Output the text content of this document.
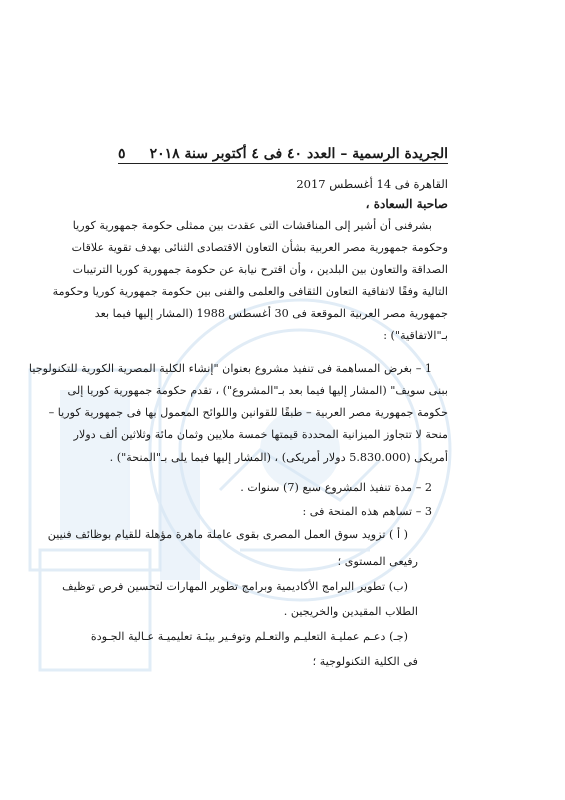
الجريدة الرسمية – العدد ٤٠ فى ٤ أكتوبر سنة ٢٠١٨
٥
القاهرة فى 14 أغسطس 2017
صاحبة السعادة ،
بشرفنى أن أشير إلى المناقشات التى عقدت بين ممثلى حكومة جمهورية كوريا
وحكومة جمهورية مصر العربية بشأن التعاون الاقتصادى الثنائى بهدف تقوية علاقات
الصداقة والتعاون بين البلدين ، وأن اقترح نيابة عن حكومة جمهورية كوريا الترتيبات
التالية وفقًا لاتفاقية التعاون الثقافى والعلمى والفنى بين حكومة جمهورية كوريا وحكومة
جمهورية مصر العربية الموقعة فى 30 أغسطس 1988 (المشار إليها فيما بعد
بـ"الاتفاقية") :
1 – بغرض المساهمة فى تنفيذ مشروع بعنوان "إنشاء الكلية المصرية الكورية للتكنولوجيا
ببنى سويف" (المشار إليها فيما بعد بـ"المشروع") ، تقدم حكومة جمهورية كوريا إلى
حكومة جمهورية مصر العربية – طبقًا للقوانين واللوائح المعمول بها فى جمهورية كوريا –
منحة لا تتجاوز الميزانية المحددة قيمتها خمسة ملايين وثمان مائة وثلاثين ألف دولار
أمريكى (5.830.000 دولار أمريكى) ، (المشار إليها فيما يلى بـ"المنحة") .
2 – مدة تنفيذ المشروع سبع (7) سنوات .
3 – تساهم هذه المنحة فى :
( أ ) تزويد سوق العمل المصرى بقوى عاملة ماهرة مؤهلة للقيام بوظائف فنيين
رفيعى المستوى ؛
(ب) تطوير البرامج الأكاديمية وبرامج تطوير المهارات لتحسين فرص توظيف
الطلاب المقيدين والخريجين .
(جـ) دعـم عمليـة التعليـم والتعـلم وتوفـير بيئـة تعليميـة عـالية الجـودة
فى الكلية التكنولوجية ؛
